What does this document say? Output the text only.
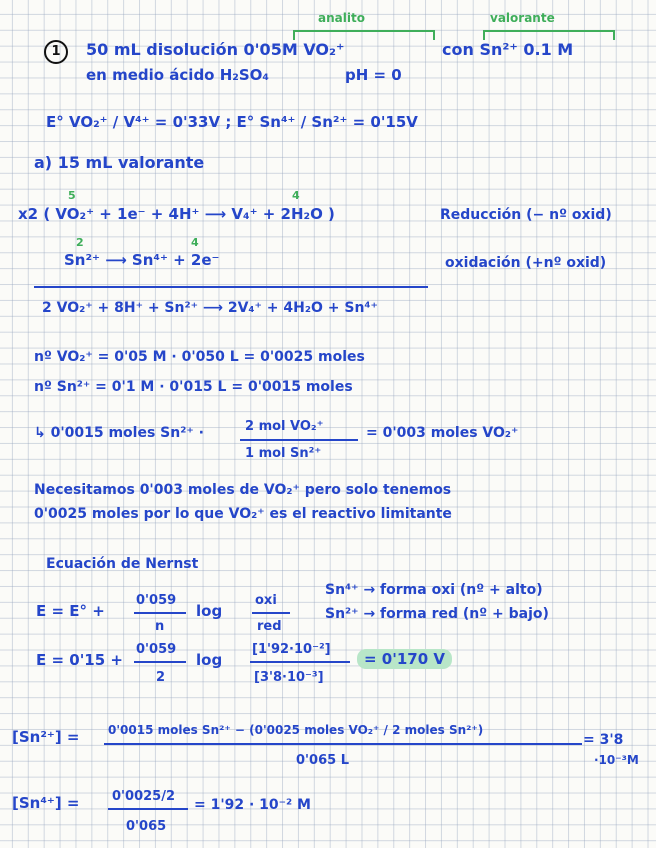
1
analito	valorante
50 mL disolución 0'05M VO₂⁺	con Sn²⁺ 0.1 M
en medio ácido H₂SO₄	pH = 0
E° VO₂⁺ / V⁴⁺ = 0'33V ; E° Sn⁴⁺ / Sn²⁺ = 0'15V
a) 15 mL valorante
5	4
x2 ( VO₂⁺ + 1e⁻ + 4H⁺ ⟶ V₄⁺ + 2H₂O )	Reducción (− nº oxid)
2	4
Sn²⁺ ⟶ Sn⁴⁺ + 2e⁻	oxidación (+nº oxid)
2 VO₂⁺ + 8H⁺ + Sn²⁺ ⟶ 2V₄⁺ + 4H₂O + Sn⁴⁺
nº VO₂⁺ = 0'05 M · 0'050 L = 0'0025 moles
nº Sn²⁺ = 0'1 M · 0'015 L = 0'0015 moles
↳ 0'0015 moles Sn²⁺ ·	2 mol VO₂⁺
1 mol Sn²⁺
= 0'003 moles VO₂⁺
Necesitamos 0'003 moles de VO₂⁺ pero solo tenemos
0'0025 moles por lo que VO₂⁺ es el reactivo limitante
Ecuación de Nernst
E = E° +
0'059
n
log
oxi
red
Sn⁴⁺ → forma oxi (nº + alto)
Sn²⁺ → forma red (nº + bajo)
E = 0'15 +
0'059
2
log
[1'92·10⁻²]
[3'8·10⁻³]
= 0'170 V
[Sn²⁺] = 0'0015 moles Sn²⁺ − (0'0025 moles VO₂⁺ / 2 moles Sn²⁺)
0'065 L
= 3'8
·10⁻³M
[Sn⁴⁺] =	0'0025/2
0'065
= 1'92 · 10⁻² M
